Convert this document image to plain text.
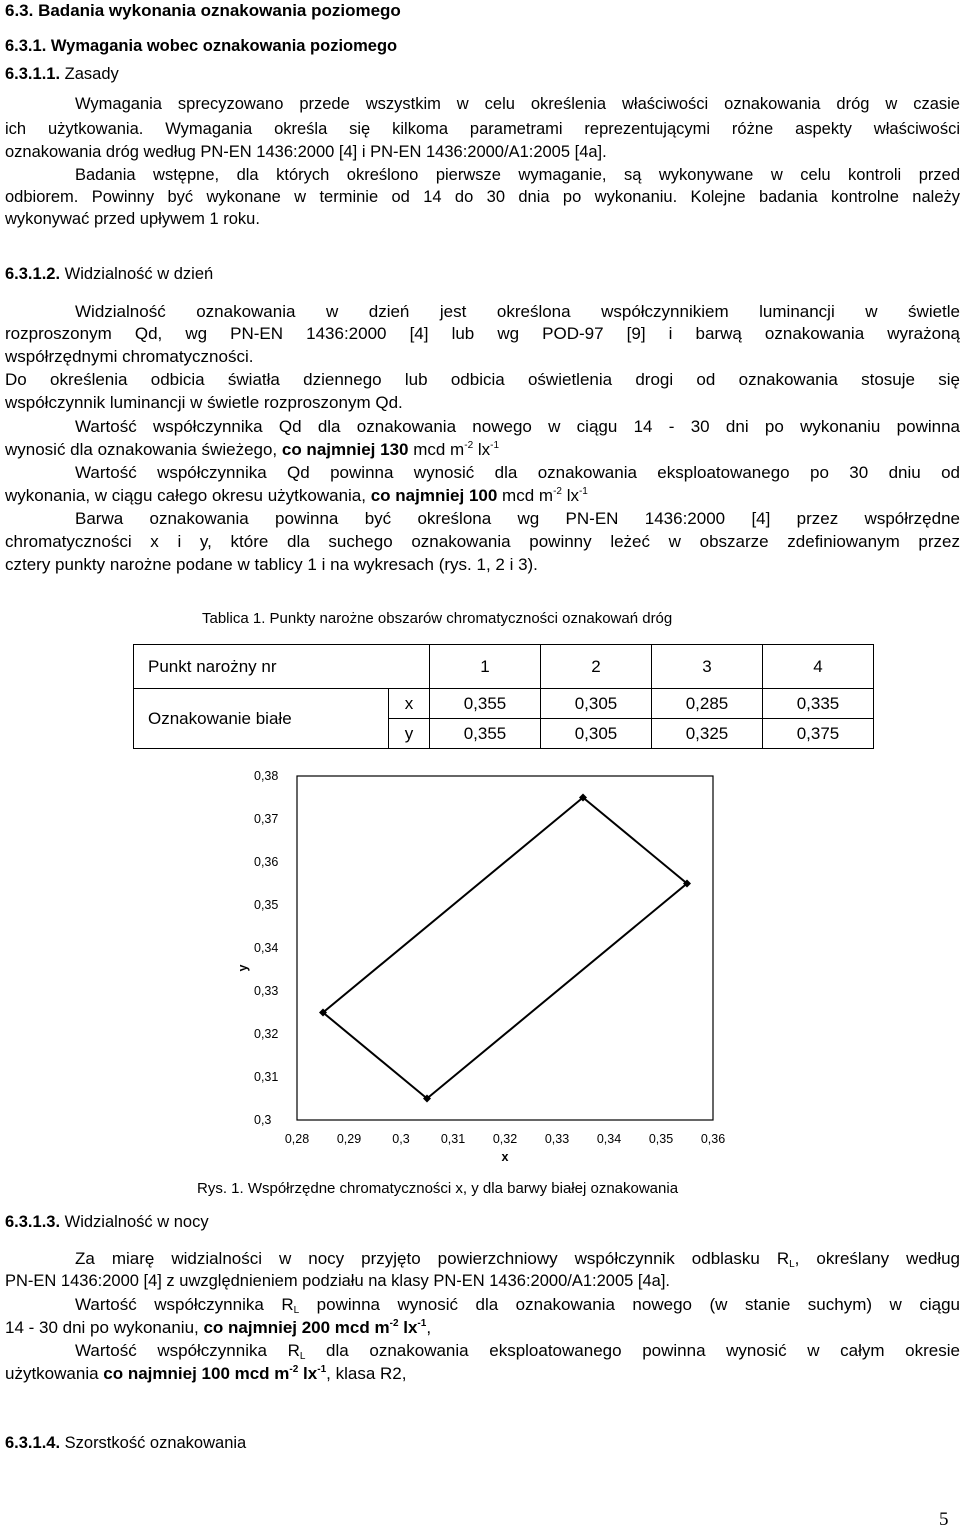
6.3. Badania wykonania oznakowania poziomego
6.3.1. Wymagania wobec oznakowania poziomego
6.3.1.1. Zasady
Wymagania sprecyzowano przede wszystkim w celu określenia właściwości oznakowania dróg w czasie
ich użytkowania. Wymagania określa się kilkoma parametrami reprezentującymi różne aspekty właściwości
oznakowania dróg według PN-EN 1436:2000 [4] i PN-EN 1436:2000/A1:2005 [4a].
Badania wstępne, dla których określono pierwsze wymaganie, są wykonywane w celu kontroli przed
odbiorem. Powinny być wykonane w terminie od 14 do 30 dnia po wykonaniu. Kolejne badania kontrolne należy
wykonywać przed upływem 1 roku.
6.3.1.2. Widzialność w dzień
Widzialność oznakowania w dzień jest określona współczynnikiem luminancji w świetle
rozproszonym Qd, wg PN-EN 1436:2000 [4] lub wg POD-97 [9] i barwą oznakowania wyrażoną
współrzędnymi chromatyczności.
Do określenia odbicia światła dziennego lub odbicia oświetlenia drogi od oznakowania stosuje się
współczynnik luminancji w świetle rozproszonym Qd.
Wartość współczynnika Qd dla oznakowania nowego w ciągu 14 - 30 dni po wykonaniu powinna
wynosić dla oznakowania świeżego, co najmniej 130 mcd $m^{-2}$ $lx^{-1}$
Wartość współczynnika Qd powinna wynosić dla oznakowania eksploatowanego po 30 dniu od
wykonania, w ciągu całego okresu użytkowania, co najmniej 100 mcd $m^{-2}$ $lx^{-1}$
Barwa oznakowania powinna być określona wg PN-EN 1436:2000 [4] przez współrzędne
chromatyczności x i y, które dla suchego oznakowania powinny leżeć w obszarze zdefiniowanym przez
cztery punkty narożne podane w tablicy 1 i na wykresach (rys. 1, 2 i 3).
Tablica 1. Punkty narożne obszarów chromatyczności oznakowań dróg
Punkt narożny nr		1	2	3	4
Oznakowanie białe	x	0,355	0,305	0,285	0,335
	y	0,355	0,305	0,325	0,375
0,3
0,31
0,32
0,33
0,34
0,35
0,36
0,37
0,38
0,28 0,29 0,3 0,31 0,32 0,33 0,34 0,35 0,36
x
y
Rys. 1. Współrzędne chromatyczności x, y dla barwy białej oznakowania
6.3.1.3. Widzialność w nocy
Za miarę widzialności w nocy przyjęto powierzchniowy współczynnik odblasku $R_L$, określany według
PN-EN 1436:2000 [4] z uwzględnieniem podziału na klasy PN-EN 1436:2000/A1:2005 [4a].
Wartość współczynnika $R_L$ powinna wynosić dla oznakowania nowego (w stanie suchym) w ciągu
14 - 30 dni po wykonaniu, co najmniej 200 mcd $m^{-2}$ $lx^{-1}$,
Wartość współczynnika $R_L$ dla oznakowania eksploatowanego powinna wynosić w całym okresie
użytkowania co najmniej 100 mcd $m^{-2}$ $lx^{-1}$, klasa R2,
6.3.1.4. Szorstkość oznakowania
5
